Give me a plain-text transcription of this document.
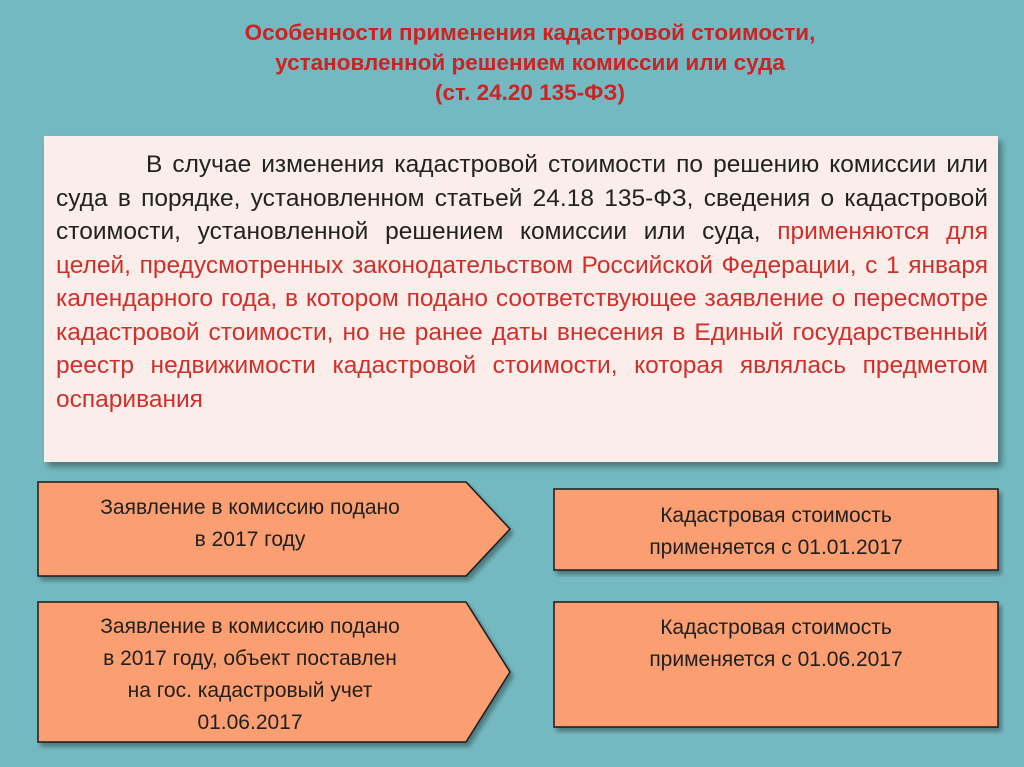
Особенности применения кадастровой стоимости,
установленной решением комиссии или суда
(ст. 24.20 135-ФЗ)
В случае изменения кадастровой стоимости по решению комиссии или суда в порядке, установленном статьей 24.18 135-ФЗ, сведения о кадастровой стоимости, установленной решением комиссии или суда, применяются для целей, предусмотренных законодательством Российской Федерации, с 1 января календарного года, в котором подано соответствующее заявление о пересмотре кадастровой стоимости, но не ранее даты внесения в Единый государственный реестр недвижимости кадастровой стоимости, которая являлась предметом оспаривания
Заявление в комиссию подано
в 2017 году
Кадастровая стоимость
применяется с 01.01.2017
Заявление в комиссию подано
в 2017 году, объект поставлен
на гос. кадастровый учет
01.06.2017
Кадастровая стоимость
применяется с 01.06.2017
